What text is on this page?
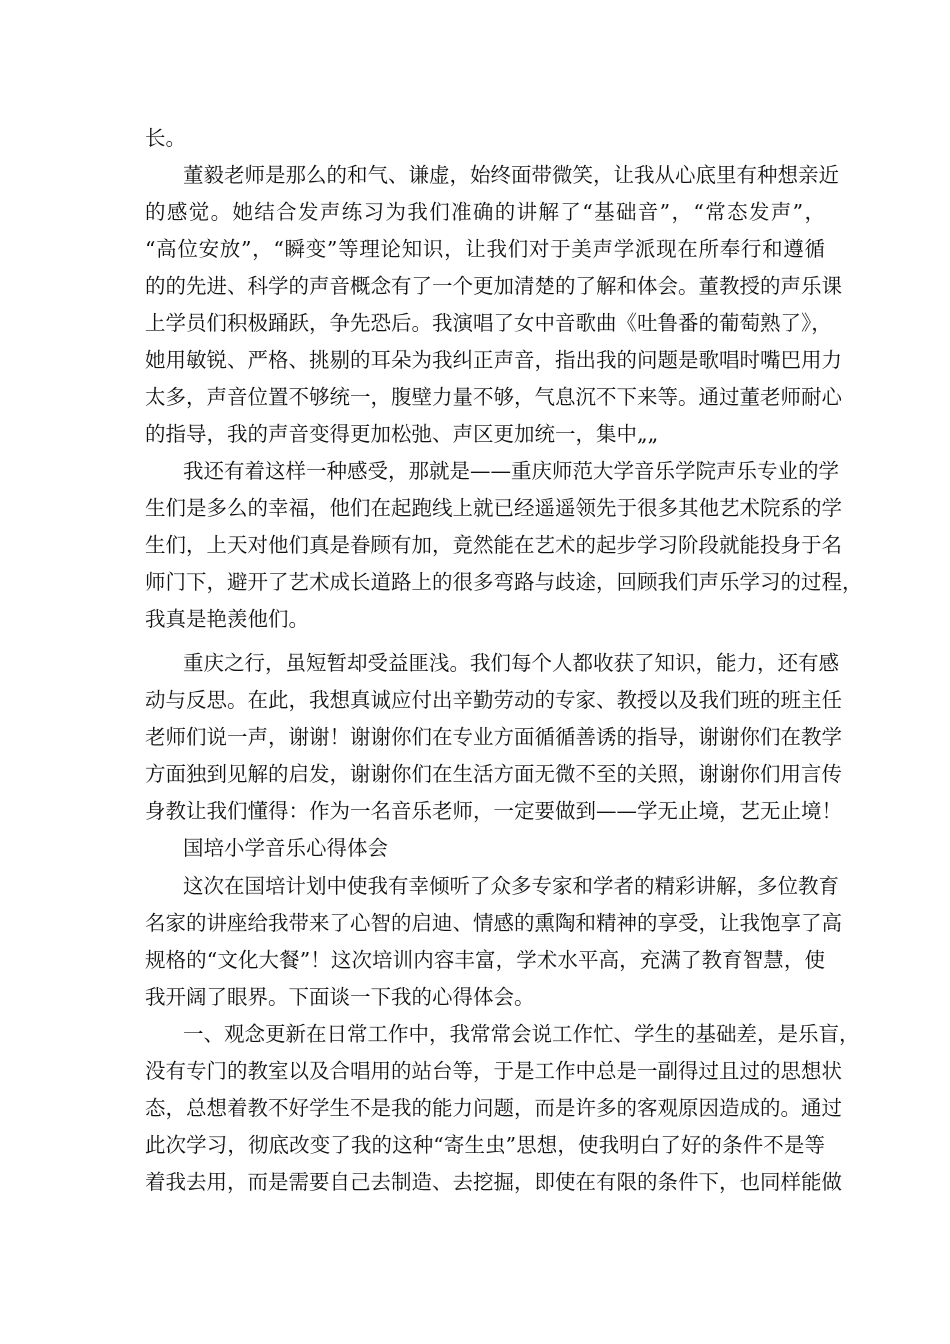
长。
董毅老师是那么的和气、谦虚，始终面带微笑，让我从心底里有种想亲近
的感觉。她结合发声练习为我们准确的讲解了“基础音”，“常态发声”，
“高位安放”，“瞬变”等理论知识，让我们对于美声学派现在所奉行和遵循
的的先进、科学的声音概念有了一个更加清楚的了解和体会。董教授的声乐课
上学员们积极踊跃，争先恐后。我演唱了女中音歌曲《吐鲁番的葡萄熟了》，
她用敏锐、严格、挑剔的耳朵为我纠正声音，指出我的问题是歌唱时嘴巴用力
太多，声音位置不够统一，腹壁力量不够，气息沉不下来等。通过董老师耐心
的指导，我的声音变得更加松弛、声区更加统一，集中„„
我还有着这样一种感受，那就是——重庆师范大学音乐学院声乐专业的学
生们是多么的幸福，他们在起跑线上就已经遥遥领先于很多其他艺术院系的学
生们，上天对他们真是眷顾有加，竟然能在艺术的起步学习阶段就能投身于名
师门下，避开了艺术成长道路上的很多弯路与歧途，回顾我们声乐学习的过程，
我真是艳羡他们。
重庆之行，虽短暂却受益匪浅。我们每个人都收获了知识，能力，还有感
动与反思。在此，我想真诚应付出辛勤劳动的专家、教授以及我们班的班主任
老师们说一声，谢谢！谢谢你们在专业方面循循善诱的指导，谢谢你们在教学
方面独到见解的启发，谢谢你们在生活方面无微不至的关照，谢谢你们用言传
身教让我们懂得：作为一名音乐老师，一定要做到——学无止境，艺无止境！
国培小学音乐心得体会
这次在国培计划中使我有幸倾听了众多专家和学者的精彩讲解，多位教育
名家的讲座给我带来了心智的启迪、情感的熏陶和精神的享受，让我饱享了高
规格的“文化大餐”！这次培训内容丰富，学术水平高，充满了教育智慧，使
我开阔了眼界。下面谈一下我的心得体会。
一、观念更新在日常工作中，我常常会说工作忙、学生的基础差，是乐盲，
没有专门的教室以及合唱用的站台等，于是工作中总是一副得过且过的思想状
态，总想着教不好学生不是我的能力问题，而是许多的客观原因造成的。通过
此次学习，彻底改变了我的这种“寄生虫”思想，使我明白了好的条件不是等
着我去用，而是需要自己去制造、去挖掘，即使在有限的条件下，也同样能做
